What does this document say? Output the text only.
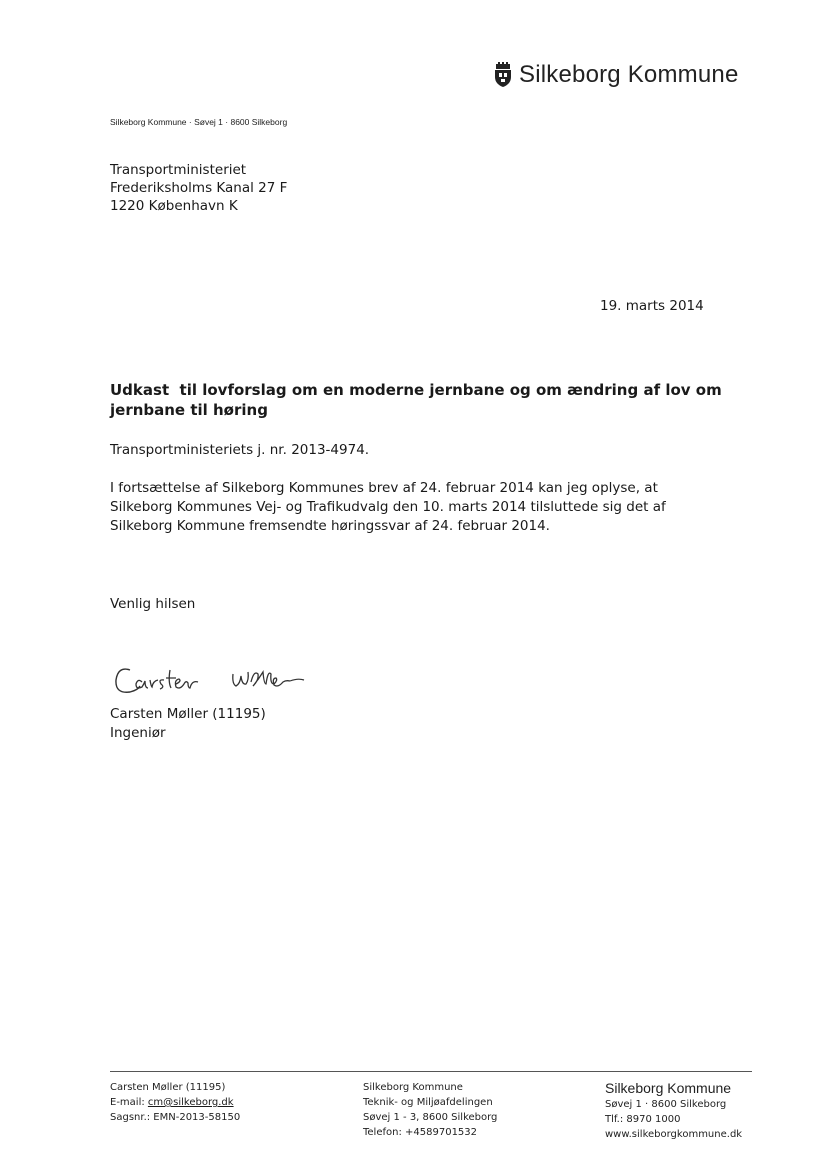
Silkeborg Kommune
Silkeborg Kommune · Søvej 1 · 8600 Silkeborg
Transportministeriet
Frederiksholms Kanal 27 F
1220 København K
19. marts 2014
Udkast  til lovforslag om en moderne jernbane og om ændring af lov om jernbane til høring
Transportministeriets j. nr. 2013-4974.
I fortsættelse af Silkeborg Kommunes brev af 24. februar 2014 kan jeg oplyse, at
Silkeborg Kommunes Vej- og Trafikudvalg den 10. marts 2014 tilsluttede sig det af
Silkeborg Kommune fremsendte høringssvar af 24. februar 2014.
Venlig hilsen
Carsten Møller (11195)
Ingeniør
Carsten Møller (11195)
E-mail: cm@silkeborg.dk
Sagsnr.: EMN-2013-58150
Silkeborg Kommune
Teknik- og Miljøafdelingen
Søvej 1 - 3, 8600 Silkeborg
Telefon: +4589701532
Silkeborg Kommune
Søvej 1 · 8600 Silkeborg
Tlf.: 8970 1000
www.silkeborgkommune.dk
